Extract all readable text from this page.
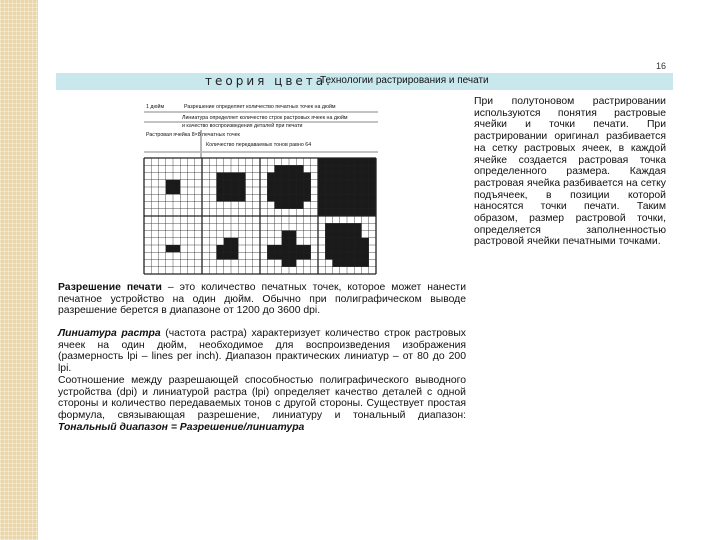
16
теория цвета.
Технологии растрирования и печати
При полутоновом растрировании используются понятия растровые ячейки и точки печати. При растрировании оригинал разбивается на сетку растровых ячеек, в каждой ячейке создается растровая точка определенного размера. Каждая растровая ячейка разбивается на сетку подъячеек, в позиции которой наносятся точки печати. Таким образом, размер растровой точки, определяется заполненностью растровой ячейки печатными точками.
1 дюйм	Разрешение определяет количество печатных точек на дюйм
Линиатура определяет количество строк растровых ячеек на дюйм
и качество воспроизведения деталей при печати
Растровая ячейка 8×8 печатных точек
Количество передаваемых тонов равно 64
Разрешение печати – это количество печатных точек, которое может нанести печатное устройство на один дюйм. Обычно при полиграфическом выводе разрешение берется в диапазоне от 1200 до 3600 dpi.
Линиатура растра (частота растра) характеризует количество строк растровых ячеек на один дюйм, необходимое для воспроизведения изображения (размерность lpi – lines per inch). Диапазон практических линиатур – от 80 до 200 lpi.
Соотношение между разрешающей способностью полиграфического выводного устройства (dpi) и линиатурой растра (lpi) определяет качество деталей с одной стороны и количество передаваемых тонов с другой стороны. Существует простая формула, связывающая разрешение, линиатуру и тональный диапазон: Тональный диапазон = Разрешение/линиатура
